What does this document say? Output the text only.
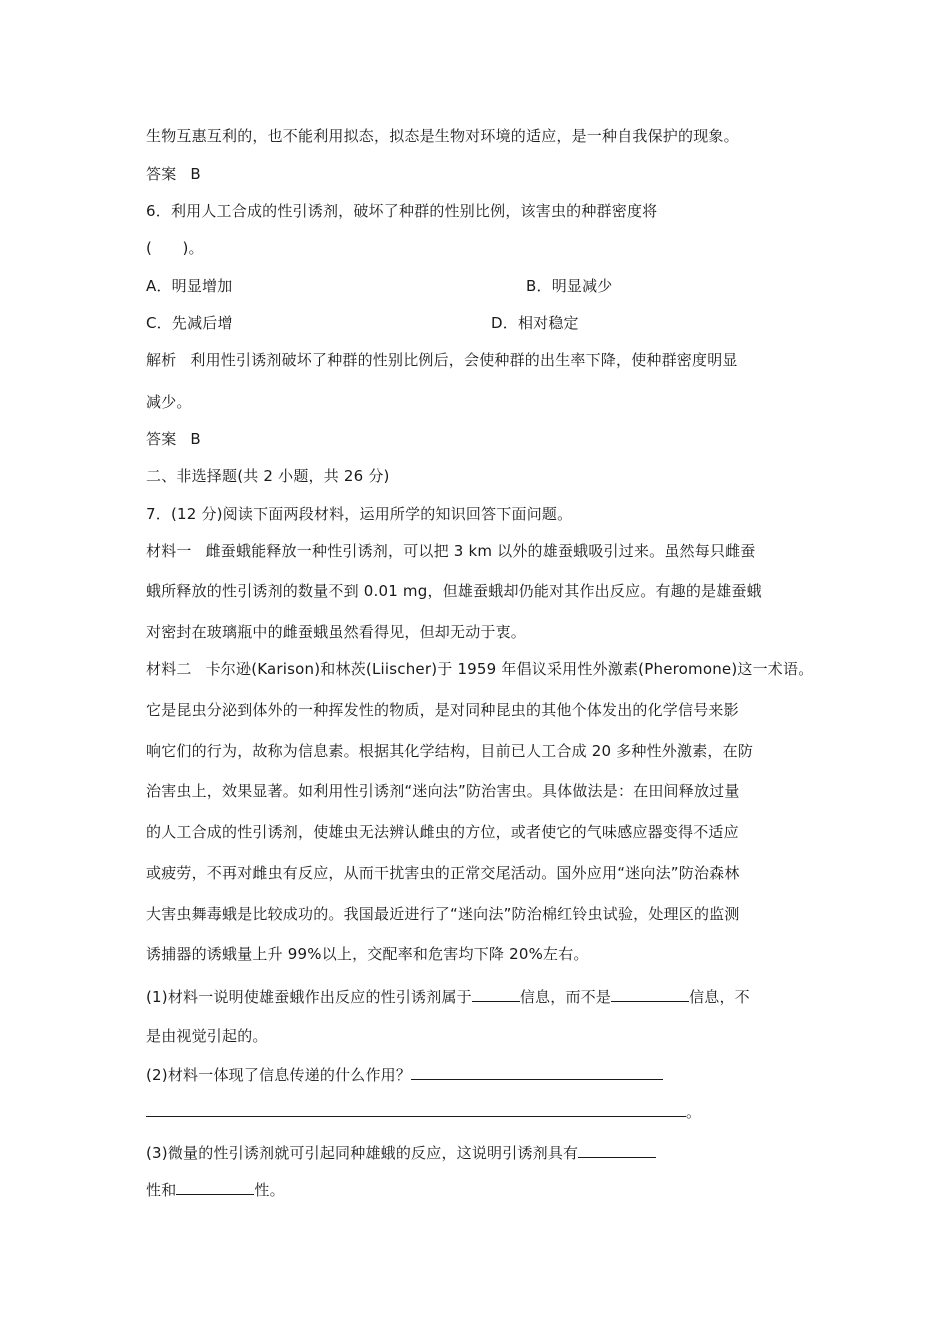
生物互惠互利的，也不能利用拟态，拟态是生物对环境的适应，是一种自我保护的现象。
答案 B
6．利用人工合成的性引诱剂，破坏了种群的性别比例，该害虫的种群密度将
(　　)。
A．明显增加	B．明显减少
C．先减后增	D．相对稳定
解析 利用性引诱剂破坏了种群的性别比例后，会使种群的出生率下降，使种群密度明显
减少。
答案 B
二、非选择题(共 2 小题，共 26 分)
7．(12 分)阅读下面两段材料，运用所学的知识回答下面问题。
材料一 雌蚕蛾能释放一种性引诱剂，可以把 3 km 以外的雄蚕蛾吸引过来。虽然每只雌蚕
蛾所释放的性引诱剂的数量不到 0.01 mg，但雄蚕蛾却仍能对其作出反应。有趣的是雄蚕蛾
对密封在玻璃瓶中的雌蚕蛾虽然看得见，但却无动于衷。
材料二 卡尔逊(Karison)和林茨(Liischer)于 1959 年倡议采用性外激素(Pheromone)这一术语。
它是昆虫分泌到体外的一种挥发性的物质，是对同种昆虫的其他个体发出的化学信号来影
响它们的行为，故称为信息素。根据其化学结构，目前已人工合成 20 多种性外激素，在防
治害虫上，效果显著。如利用性引诱剂“迷向法”防治害虫。具体做法是：在田间释放过量
的人工合成的性引诱剂，使雄虫无法辨认雌虫的方位，或者使它的气味感应器变得不适应
或疲劳，不再对雌虫有反应，从而干扰害虫的正常交尾活动。国外应用“迷向法”防治森林
大害虫舞毒蛾是比较成功的。我国最近进行了“迷向法”防治棉红铃虫试验，处理区的监测
诱捕器的诱蛾量上升 99%以上，交配率和危害均下降 20%左右。
(1)材料一说明使雄蚕蛾作出反应的性引诱剂属于	信息，而不是	信息，不
是由视觉引起的。
(2)材料一体现了信息传递的什么作用？
。
(3)微量的性引诱剂就可引起同种雄蛾的反应，这说明引诱剂具有
性和	性。
